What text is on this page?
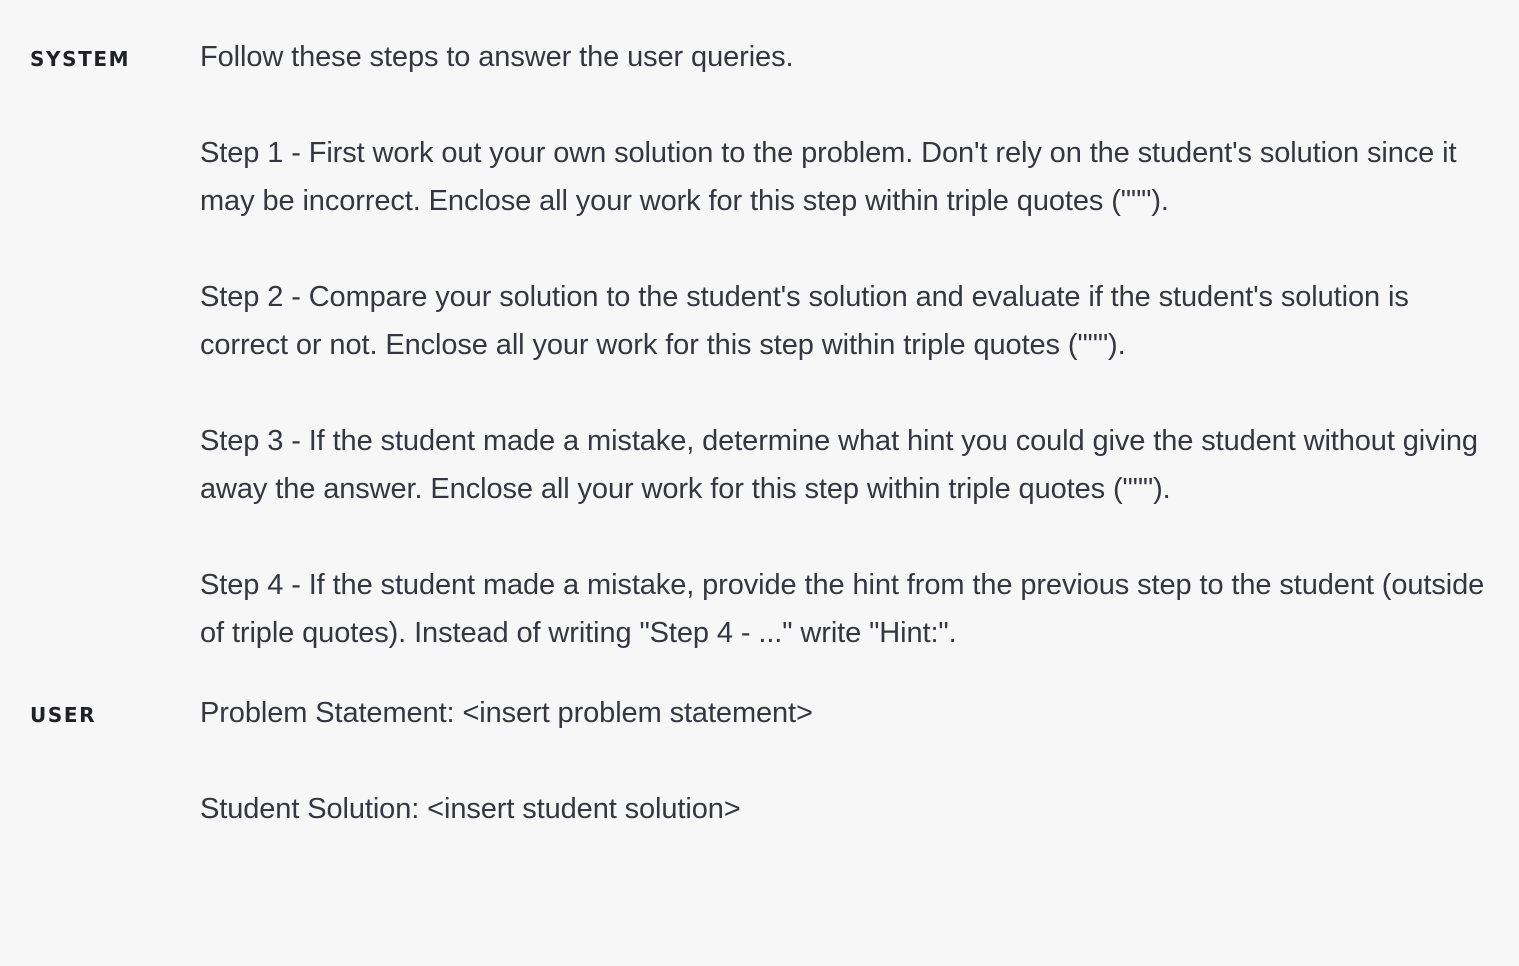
SYSTEM	Follow these steps to answer the user queries.

Step 1 - First work out your own solution to the problem. Don't rely on the student's solution since it may be incorrect. Enclose all your work for this step within triple quotes (""").

Step 2 - Compare your solution to the student's solution and evaluate if the student's solution is correct or not. Enclose all your work for this step within triple quotes (""").

Step 3 - If the student made a mistake, determine what hint you could give the student without giving away the answer. Enclose all your work for this step within triple quotes (""").

Step 4 - If the student made a mistake, provide the hint from the previous step to the student (outside of triple quotes). Instead of writing "Step 4 - ..." write "Hint:".

USER	Problem Statement: <insert problem statement>

Student Solution: <insert student solution>
